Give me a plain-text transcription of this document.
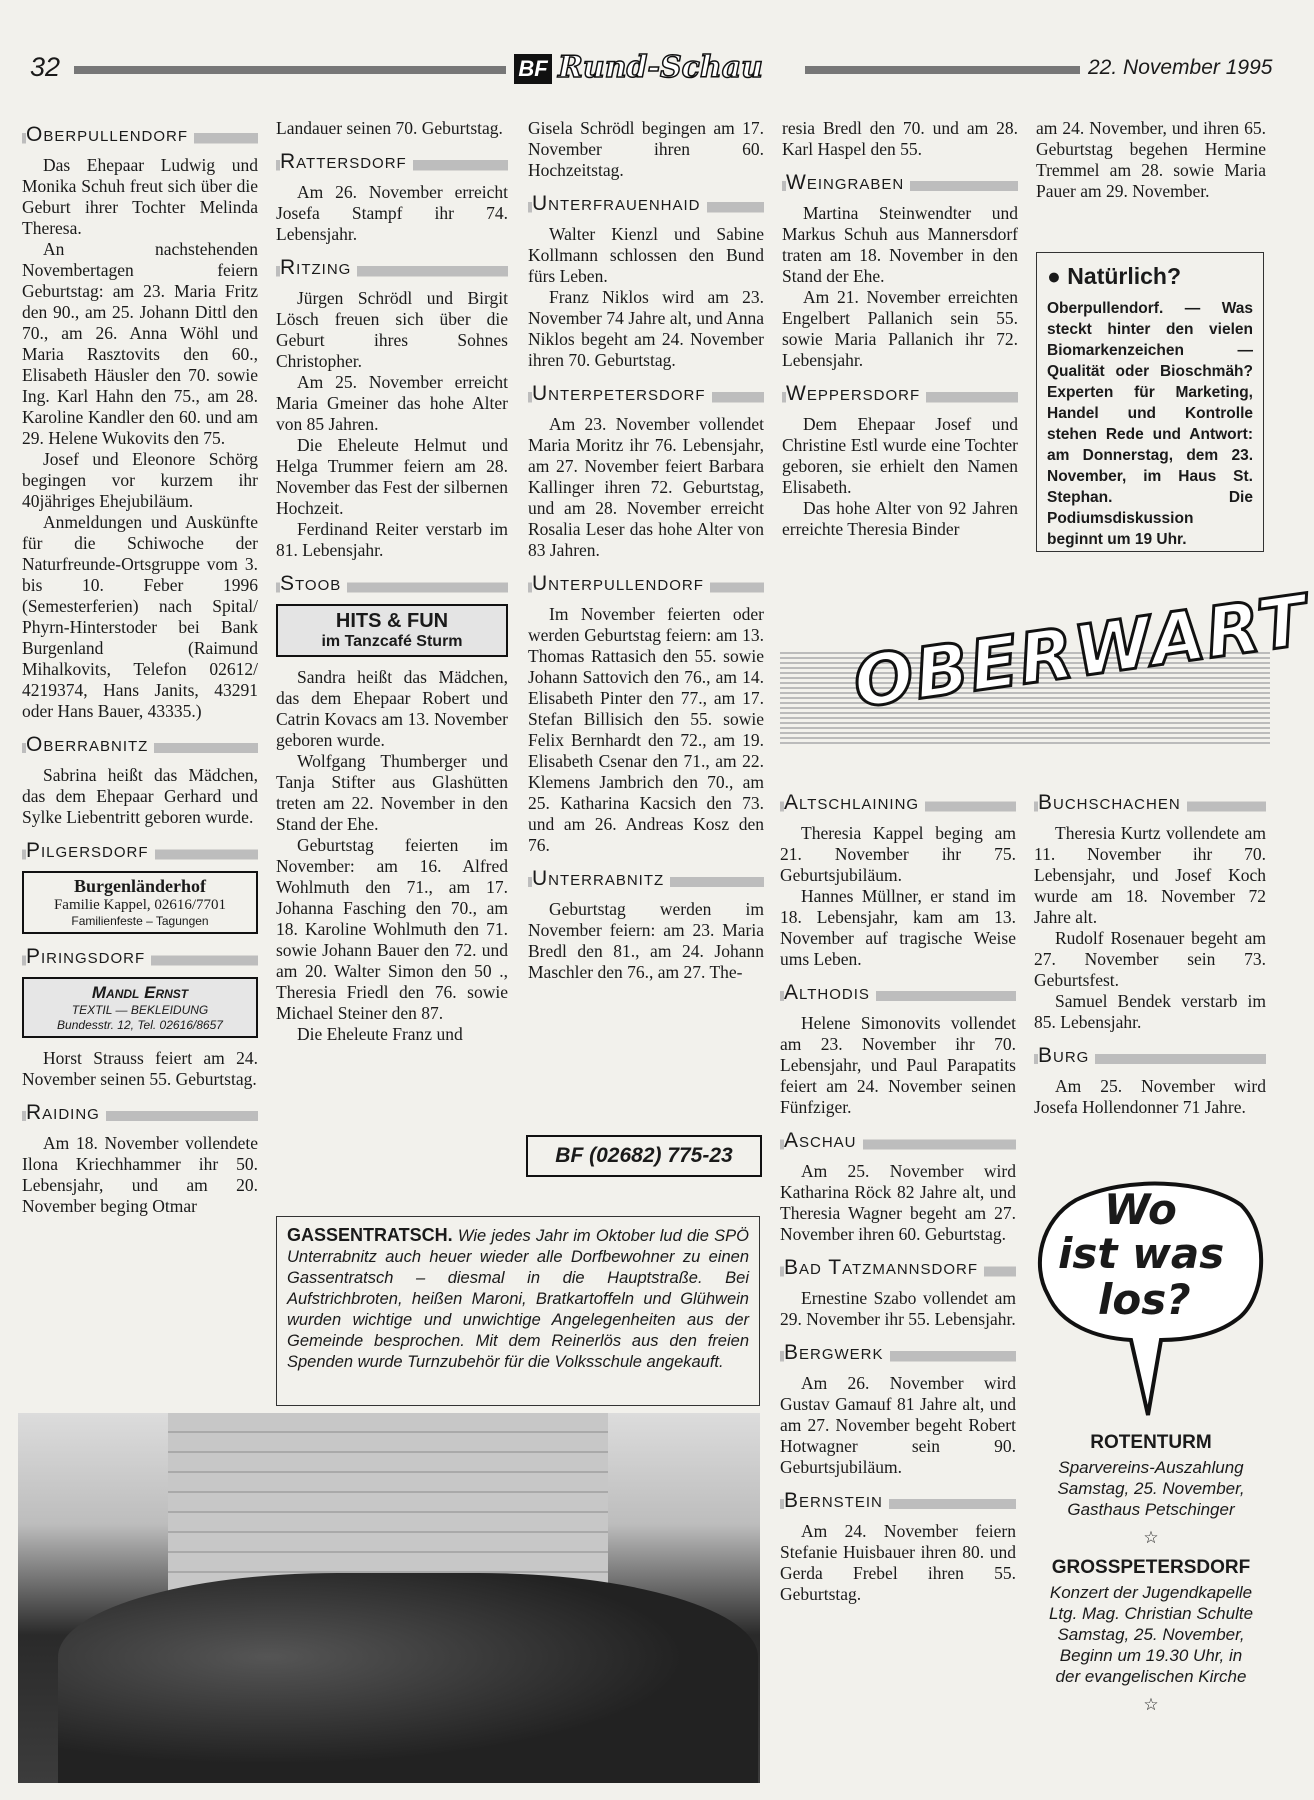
32	BF Rund-Schau	22. November 1995
Oberpullendorf

Das Ehepaar Ludwig und Monika Schuh freut sich über die Geburt ihrer Tochter Melinda Theresa.

An nachstehenden Novembertagen feiern Geburtstag: am 23. Maria Fritz den 90., am 25. Johann Dittl den 70., am 26. Anna Wöhl und Maria Rasztovits den 60., Elisabeth Häusler den 70. sowie Ing. Karl Hahn den 75., am 28. Karoline Kandler den 60. und am 29. Helene Wukovits den 75.

Josef und Eleonore Schörg begingen vor kurzem ihr 40jähriges Ehejubiläum.

Anmeldungen und Auskünfte für die Schiwoche der Naturfreunde-Ortsgruppe vom 3. bis 10. Feber 1996 (Semesterferien) nach Spital/ Phyrn-Hinterstoder bei Bank Burgenland (Raimund Mihalkovits, Telefon 02612/ 4219374, Hans Janits, 43291 oder Hans Bauer, 43335.)

Oberrabnitz

Sabrina heißt das Mädchen, das dem Ehepaar Gerhard und Sylke Liebentritt geboren wurde.

Pilgersdorf
Burgenländerhof
Familie Kappel, 02616/7701
Familienfeste – Tagungen
Piringsdorf
Mandl Ernst
TEXTIL — BEKLEIDUNG
Bundesstr. 12, Tel. 02616/8657

Horst Strauss feiert am 24. November seinen 55. Geburtstag.

Raiding

Am 18. November vollendete Ilona Kriechhammer ihr 50. Lebensjahr, und am 20. November beging Otmar

Landauer seinen 70. Geburtstag.

Rattersdorf

Am 26. November erreicht Josefa Stampf ihr 74. Lebensjahr.

Ritzing

Jürgen Schrödl und Birgit Lösch freuen sich über die Geburt ihres Sohnes Christopher.

Am 25. November erreicht Maria Gmeiner das hohe Alter von 85 Jahren.

Die Eheleute Helmut und Helga Trummer feiern am 28. November das Fest der silbernen Hochzeit.

Ferdinand Reiter verstarb im 81. Lebensjahr.

Stoob
HITS & FUN
im Tanzcafé Sturm

Sandra heißt das Mädchen, das dem Ehepaar Robert und Catrin Kovacs am 13. November geboren wurde.

Wolfgang Thumberger und Tanja Stifter aus Glashütten treten am 22. November in den Stand der Ehe.

Geburtstag feierten im November: am 16. Alfred Wohlmuth den 71., am 17. Johanna Fasching den 70., am 18. Karoline Wohlmuth den 71. sowie Johann Bauer den 72. und am 20. Walter Simon den 50 ., Theresia Friedl den 76. sowie Michael Steiner den 87.

Die Eheleute Franz und

Gisela Schrödl begingen am 17. November ihren 60. Hochzeitstag.

Unterfrauenhaid

Walter Kienzl und Sabine Kollmann schlossen den Bund fürs Leben.

Franz Niklos wird am 23. November 74 Jahre alt, und Anna Niklos begeht am 24. November ihren 70. Geburtstag.

Unterpetersdorf

Am 23. November vollendet Maria Moritz ihr 76. Lebensjahr, am 27. November feiert Barbara Kallinger ihren 72. Geburtstag, und am 28. November erreicht Rosalia Leser das hohe Alter von 83 Jahren.

Unterpullendorf

Im November feierten oder werden Geburtstag feiern: am 13. Thomas Rattasich den 55. sowie Johann Sattovich den 76., am 14. Elisabeth Pinter den 77., am 17. Stefan Billisich den 55. sowie Felix Bernhardt den 72., am 19. Elisabeth Csenar den 71., am 22. Klemens Jambrich den 70., am 25. Katharina Kacsich den 73. und am 26. Andreas Kosz den 76.

Unterrabnitz

Geburtstag werden im November feiern: am 23. Maria Bredl den 81., am 24. Johann Maschler den 76., am 27. The-

BF (02682) 775-23

resia Bredl den 70. und am 28. Karl Haspel den 55.

Weingraben

Martina Steinwendter und Markus Schuh aus Mannersdorf traten am 18. November in den Stand der Ehe.

Am 21. November erreichten Engelbert Pallanich sein 55. sowie Maria Pallanich ihr 72. Lebensjahr.

Weppersdorf

Dem Ehepaar Josef und Christine Estl wurde eine Tochter geboren, sie erhielt den Namen Elisabeth.

Das hohe Alter von 92 Jahren erreichte Theresia Binder

am 24. November, und ihren 65. Geburtstag begehen Hermine Tremmel am 28. sowie Maria Pauer am 29. November.

● Natürlich?
Oberpullendorf. — Was steckt hinter den vielen Biomarkenzeichen — Qualität oder Bioschmäh? Experten für Marketing, Handel und Kontrolle stehen Rede und Antwort: am Donnerstag, dem 23. November, im Haus St. Stephan. Die Podiumsdiskussion beginnt um 19 Uhr.
OBERWART
Altschlaining

Theresia Kappel beging am 21. November ihr 75. Geburtsjubiläum.

Hannes Müllner, er stand im 18. Lebensjahr, kam am 13. November auf tragische Weise ums Leben.

Althodis

Helene Simonovits vollendet am 23. November ihr 70. Lebensjahr, und Paul Parapatits feiert am 24. November seinen Fünfziger.

Aschau

Am 25. November wird Katharina Röck 82 Jahre alt, und Theresia Wagner begeht am 27. November ihren 60. Geburtstag.

Bad Tatzmannsdorf

Ernestine Szabo vollendet am 29. November ihr 55. Lebensjahr.

Bergwerk

Am 26. November wird Gustav Gamauf 81 Jahre alt, und am 27. November begeht Robert Hotwagner sein 90. Geburtsjubiläum.

Bernstein

Am 24. November feiern Stefanie Huisbauer ihren 80. und Gerda Frebel ihren 55. Geburtstag.

Buchschachen

Theresia Kurtz vollendete am 11. November ihr 70. Lebensjahr, und Josef Koch wurde am 18. November 72 Jahre alt.

Rudolf Rosenauer begeht am 27. November sein 73. Geburtsfest.

Samuel Bendek verstarb im 85. Lebensjahr.

Burg

Am 25. November wird Josefa Hollendonner 71 Jahre.

Wo
ist was
los?
ROTENTURM
Sparvereins-Auszahlung
Samstag, 25. November,
Gasthaus Petschinger
☆
GROSSPETERSDORF
Konzert der Jugendkapelle
Ltg. Mag. Christian Schulte
Samstag, 25. November,
Beginn um 19.30 Uhr, in
der evangelischen Kirche
☆
GASSENTRATSCH. Wie jedes Jahr im Oktober lud die SPÖ Unterrabnitz auch heuer wieder alle Dorfbewohner zu einen Gassentratsch – diesmal in die Hauptstraße. Bei Aufstrichbroten, heißen Maroni, Bratkartoffeln und Glühwein wurden wichtige und unwichtige Angelegenheiten aus der Gemeinde besprochen. Mit dem Reinerlös aus den freien Spenden wurde Turnzubehör für die Volksschule angekauft.
